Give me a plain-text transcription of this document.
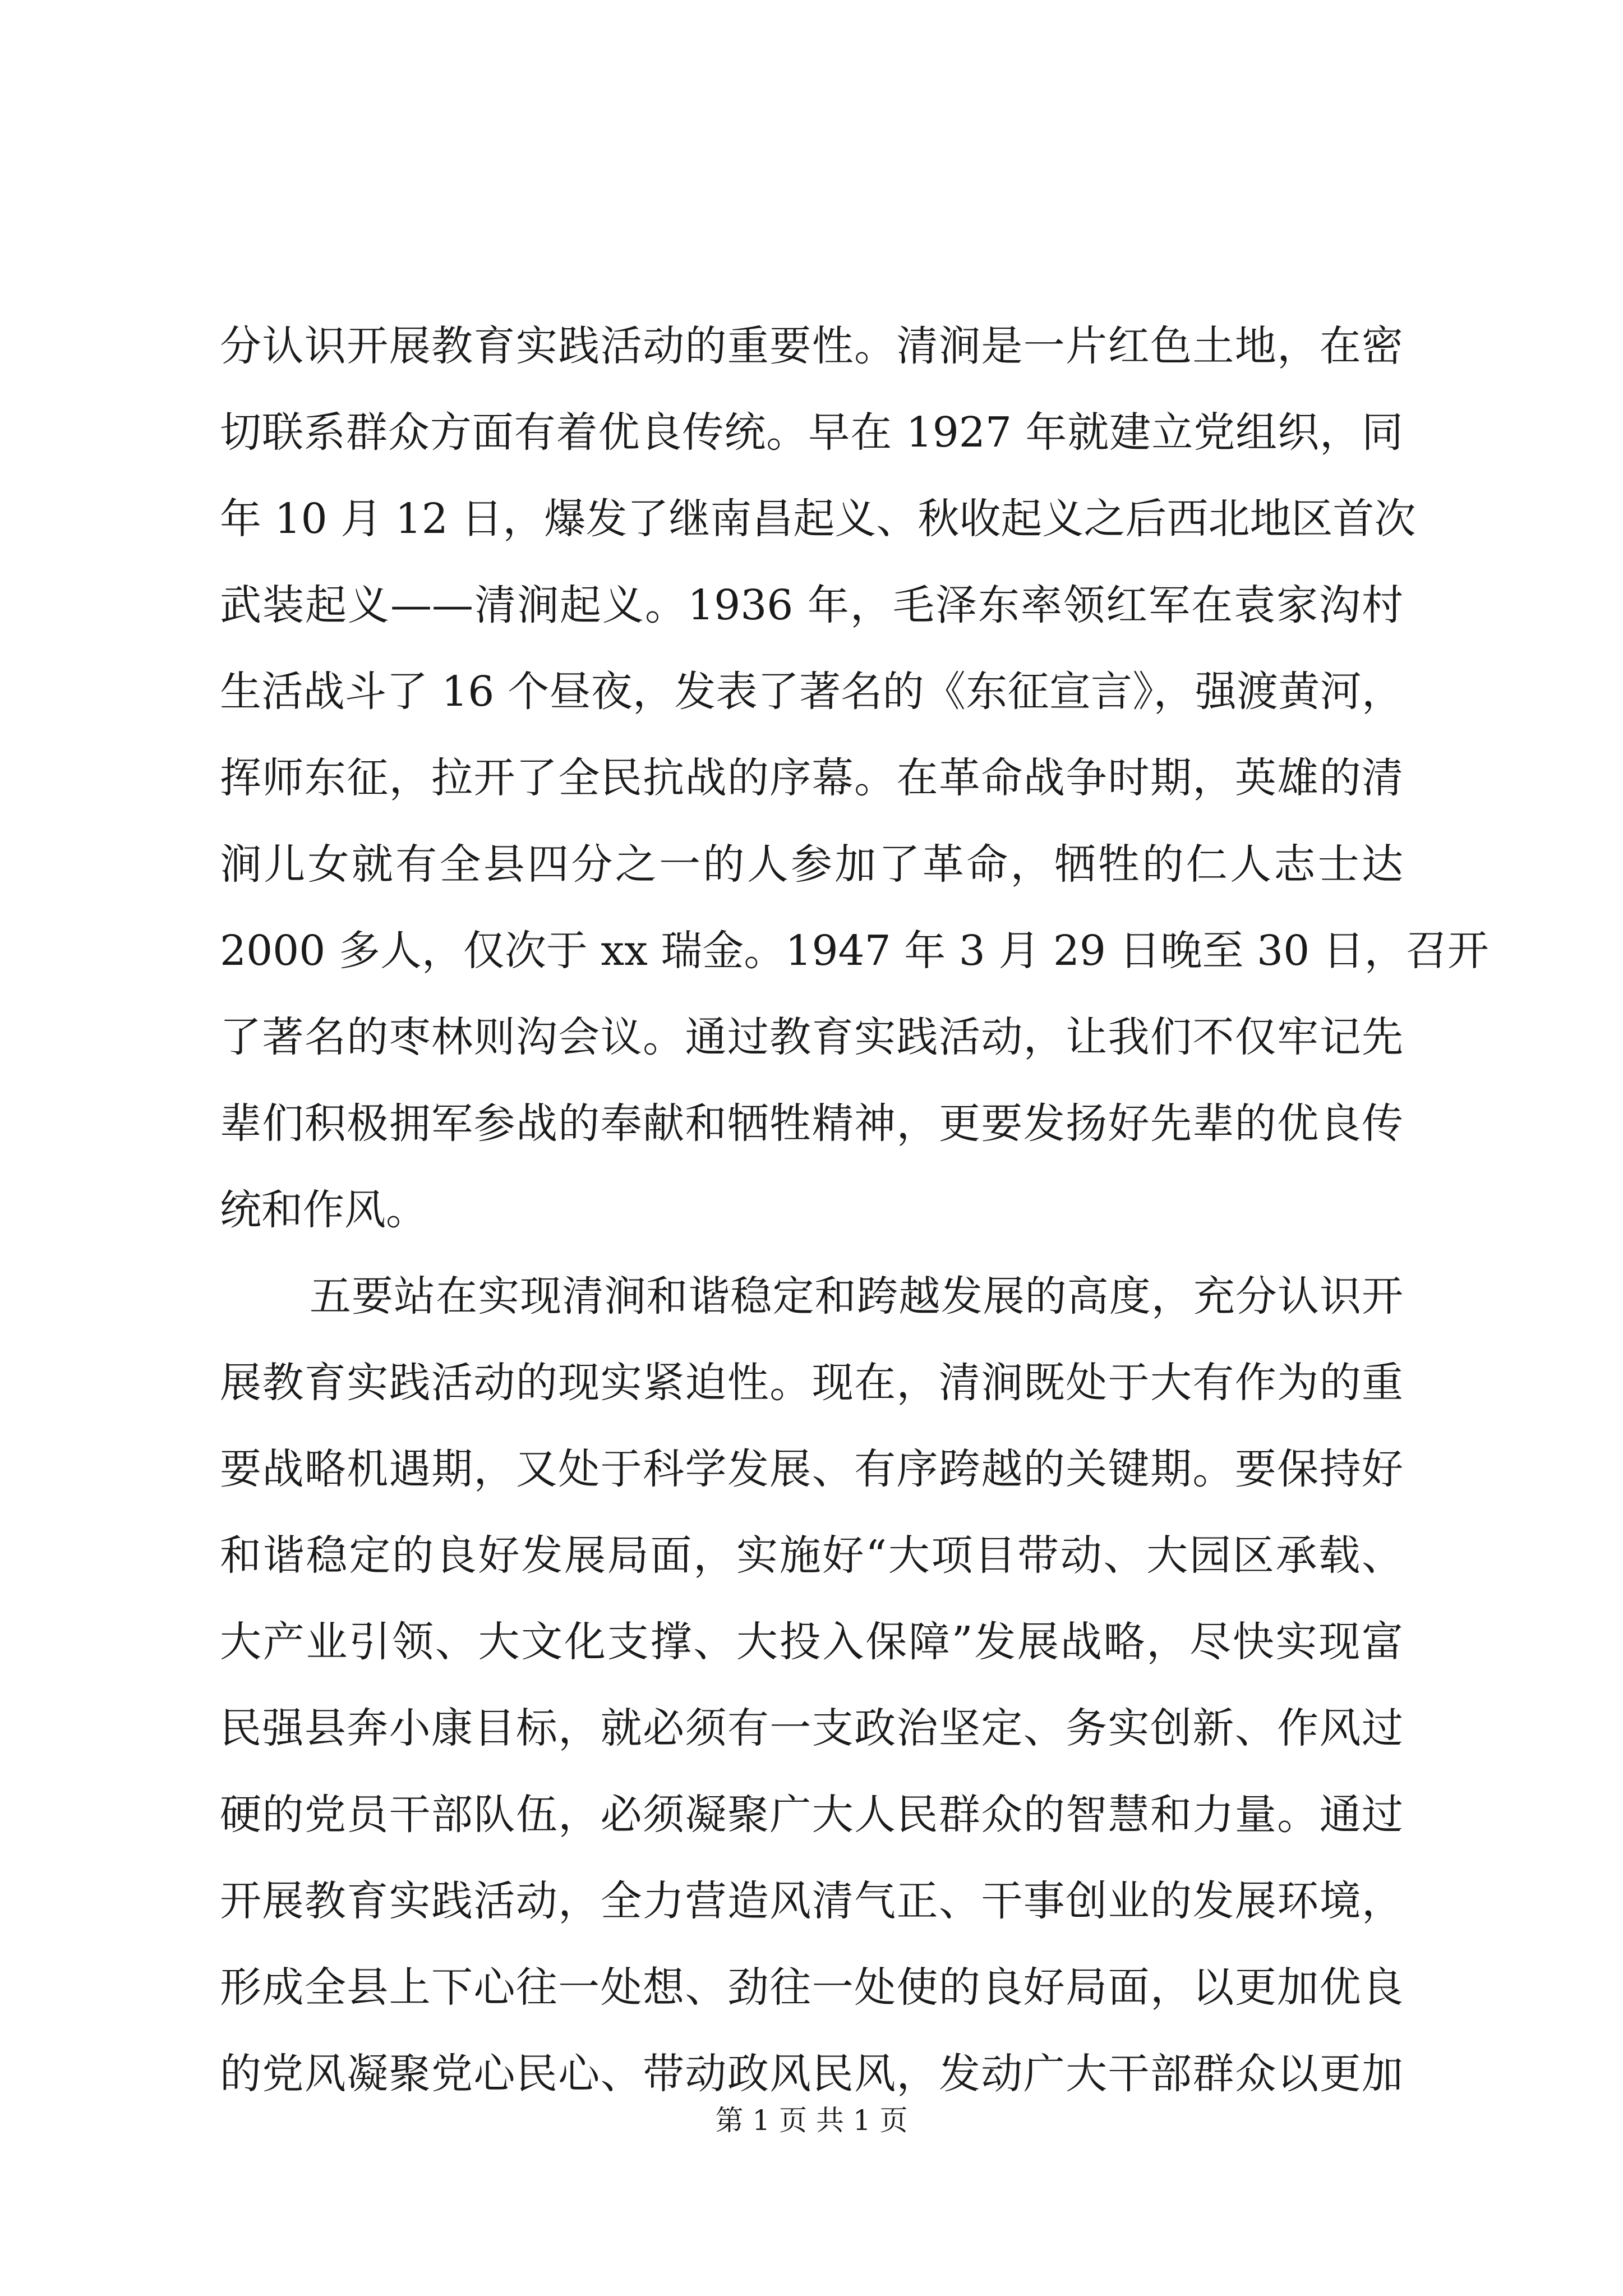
分认识开展教育实践活动的重要性。清涧是一片红色土地，在密
切联系群众方面有着优良传统。早在 1927 年就建立党组织，同
年 10 月 12 日，爆发了继南昌起义、秋收起义之后西北地区首次
武装起义——清涧起义。1936 年，毛泽东率领红军在袁家沟村
生活战斗了 16 个昼夜，发表了著名的《东征宣言》，强渡黄河，
挥师东征，拉开了全民抗战的序幕。在革命战争时期，英雄的清
涧儿女就有全县四分之一的人参加了革命，牺牲的仁人志士达
2000 多人，仅次于 xx 瑞金。1947 年 3 月 29 日晚至 30 日，召开
了著名的枣林则沟会议。通过教育实践活动，让我们不仅牢记先
辈们积极拥军参战的奉献和牺牲精神，更要发扬好先辈的优良传
统和作风。
五要站在实现清涧和谐稳定和跨越发展的高度，充分认识开
展教育实践活动的现实紧迫性。现在，清涧既处于大有作为的重
要战略机遇期，又处于科学发展、有序跨越的关键期。要保持好
和谐稳定的良好发展局面，实施好“大项目带动、大园区承载、
大产业引领、大文化支撑、大投入保障”发展战略，尽快实现富
民强县奔小康目标，就必须有一支政治坚定、务实创新、作风过
硬的党员干部队伍，必须凝聚广大人民群众的智慧和力量。通过
开展教育实践活动，全力营造风清气正、干事创业的发展环境，
形成全县上下心往一处想、劲往一处使的良好局面，以更加优良
的党风凝聚党心民心、带动政风民风，发动广大干部群众以更加
第 1 页 共 1 页
